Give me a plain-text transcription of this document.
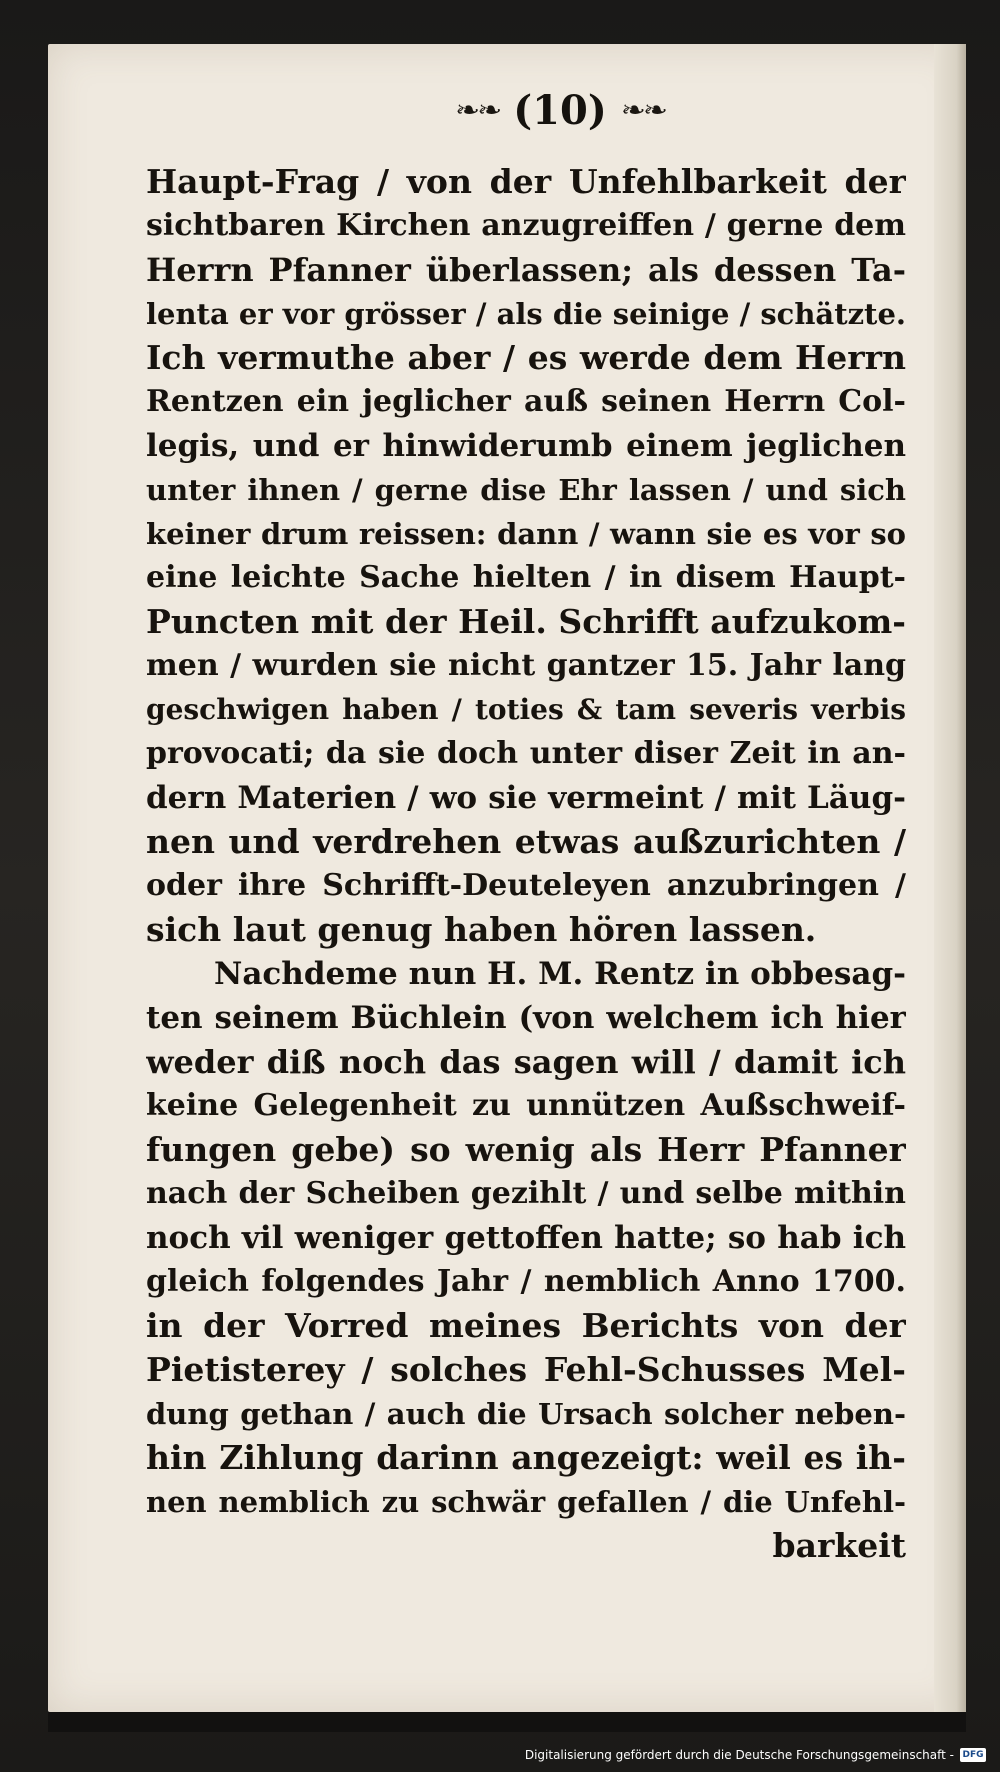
❧❧ (10) ❧❧
Haupt-Frag / von der Unfehlbarkeit der
sichtbaren Kirchen anzugreiffen / gerne dem
Herrn Pfanner überlassen; als dessen Ta-
lenta er vor grösser / als die seinige / schätzte.
Ich vermuthe aber / es werde dem Herrn
Rentzen ein jeglicher auß seinen Herrn Col-
legis, und er hinwiderumb einem jeglichen
unter ihnen / gerne dise Ehr lassen / und sich
keiner drum reissen: dann / wann sie es vor so
eine leichte Sache hielten / in disem Haupt-
Puncten mit der Heil. Schrifft aufzukom-
men / wurden sie nicht gantzer 15. Jahr lang
geschwigen haben / toties & tam severis verbis
provocati; da sie doch unter diser Zeit in an-
dern Materien / wo sie vermeint / mit Läug-
nen und verdrehen etwas außzurichten /
oder ihre Schrifft-Deuteleyen anzubringen /
sich laut genug haben hören lassen.
Nachdeme nun H. M. Rentz in obbesag-
ten seinem Büchlein (von welchem ich hier
weder diß noch das sagen will / damit ich
keine Gelegenheit zu unnützen Außschweif-
fungen gebe) so wenig als Herr Pfanner
nach der Scheiben gezihlt / und selbe mithin
noch vil weniger gettoffen hatte; so hab ich
gleich folgendes Jahr / nemblich Anno 1700.
in der Vorred meines Berichts von der
Pietisterey / solches Fehl-Schusses Mel-
dung gethan / auch die Ursach solcher neben-
hin Zihlung darinn angezeigt: weil es ih-
nen nemblich zu schwär gefallen / die Unfehl-
barkeit
Digitalisierung gefördert durch die Deutsche Forschungsgemeinschaft - DFG
